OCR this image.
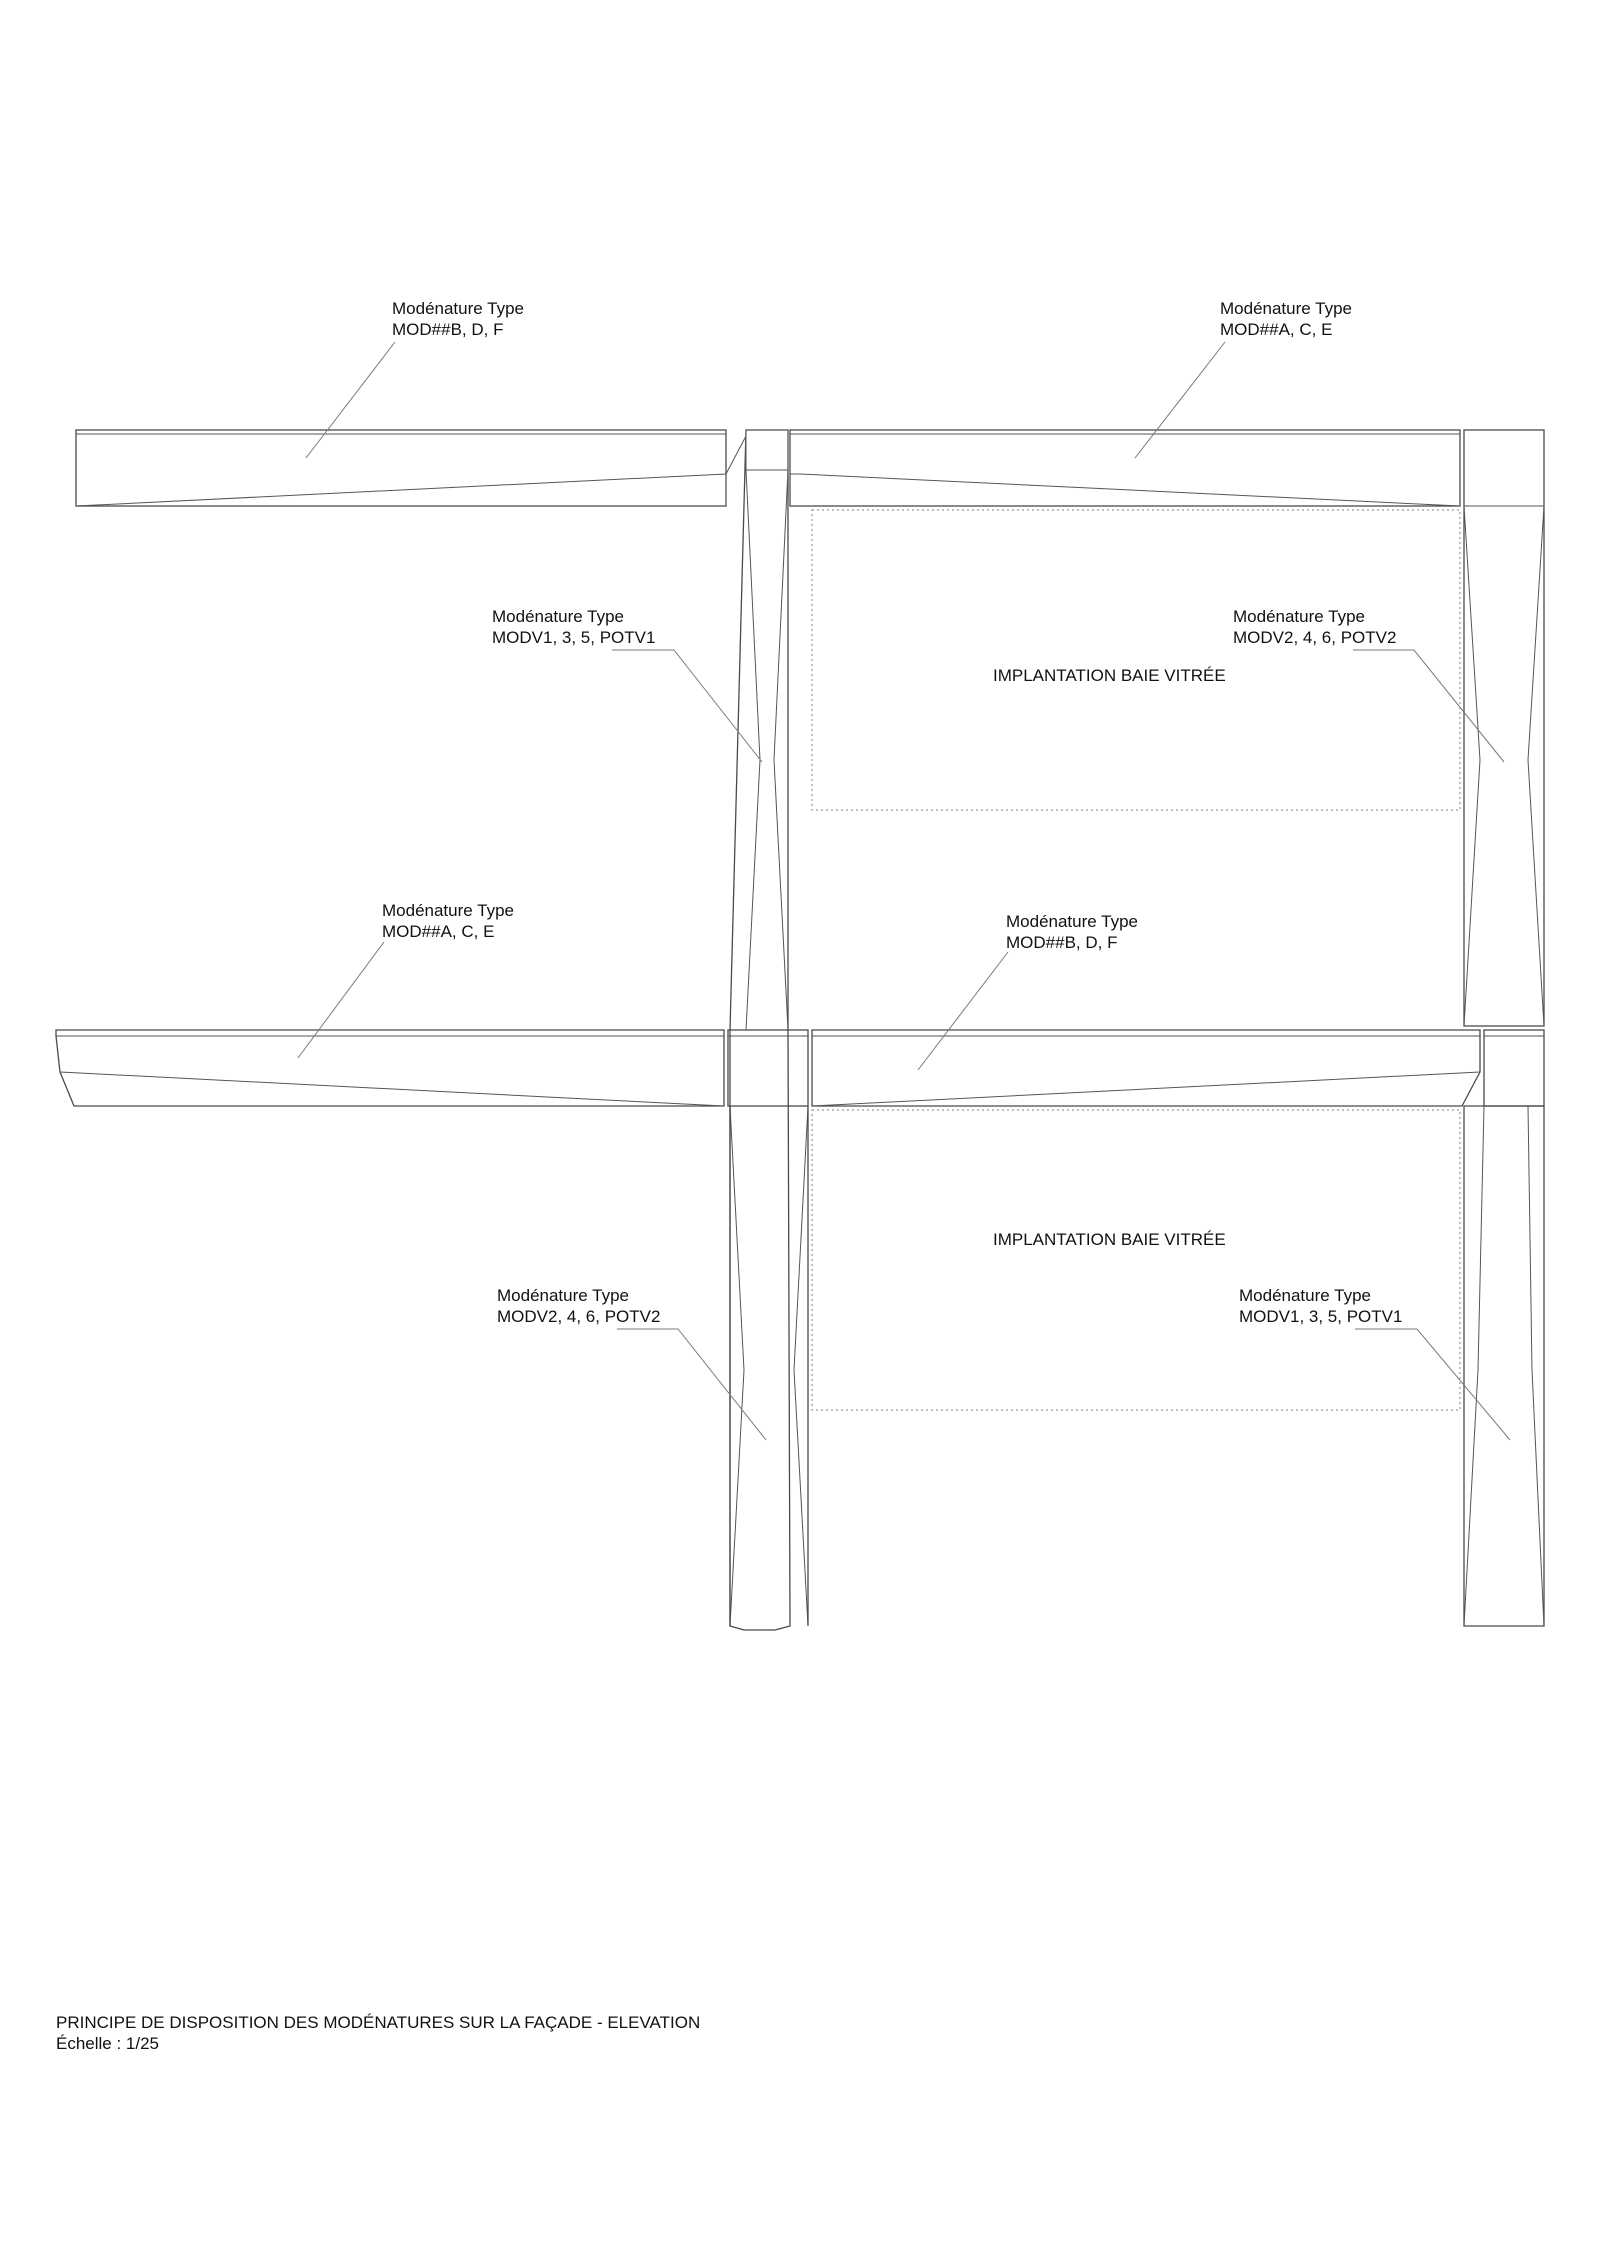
Modénature Type
MOD##B, D, F
Modénature Type
MOD##A, C, E
Modénature Type
MODV1, 3, 5, POTV1
Modénature Type
MODV2, 4, 6, POTV2
Modénature Type
MOD##A, C, E
Modénature Type
MOD##B, D, F
Modénature Type
MODV2, 4, 6, POTV2
Modénature Type
MODV1, 3, 5, POTV1
IMPLANTATION BAIE VITRÉE
IMPLANTATION BAIE VITRÉE
PRINCIPE DE DISPOSITION DES MODÉNATURES SUR LA FAÇADE - ELEVATION
Échelle : 1/25
